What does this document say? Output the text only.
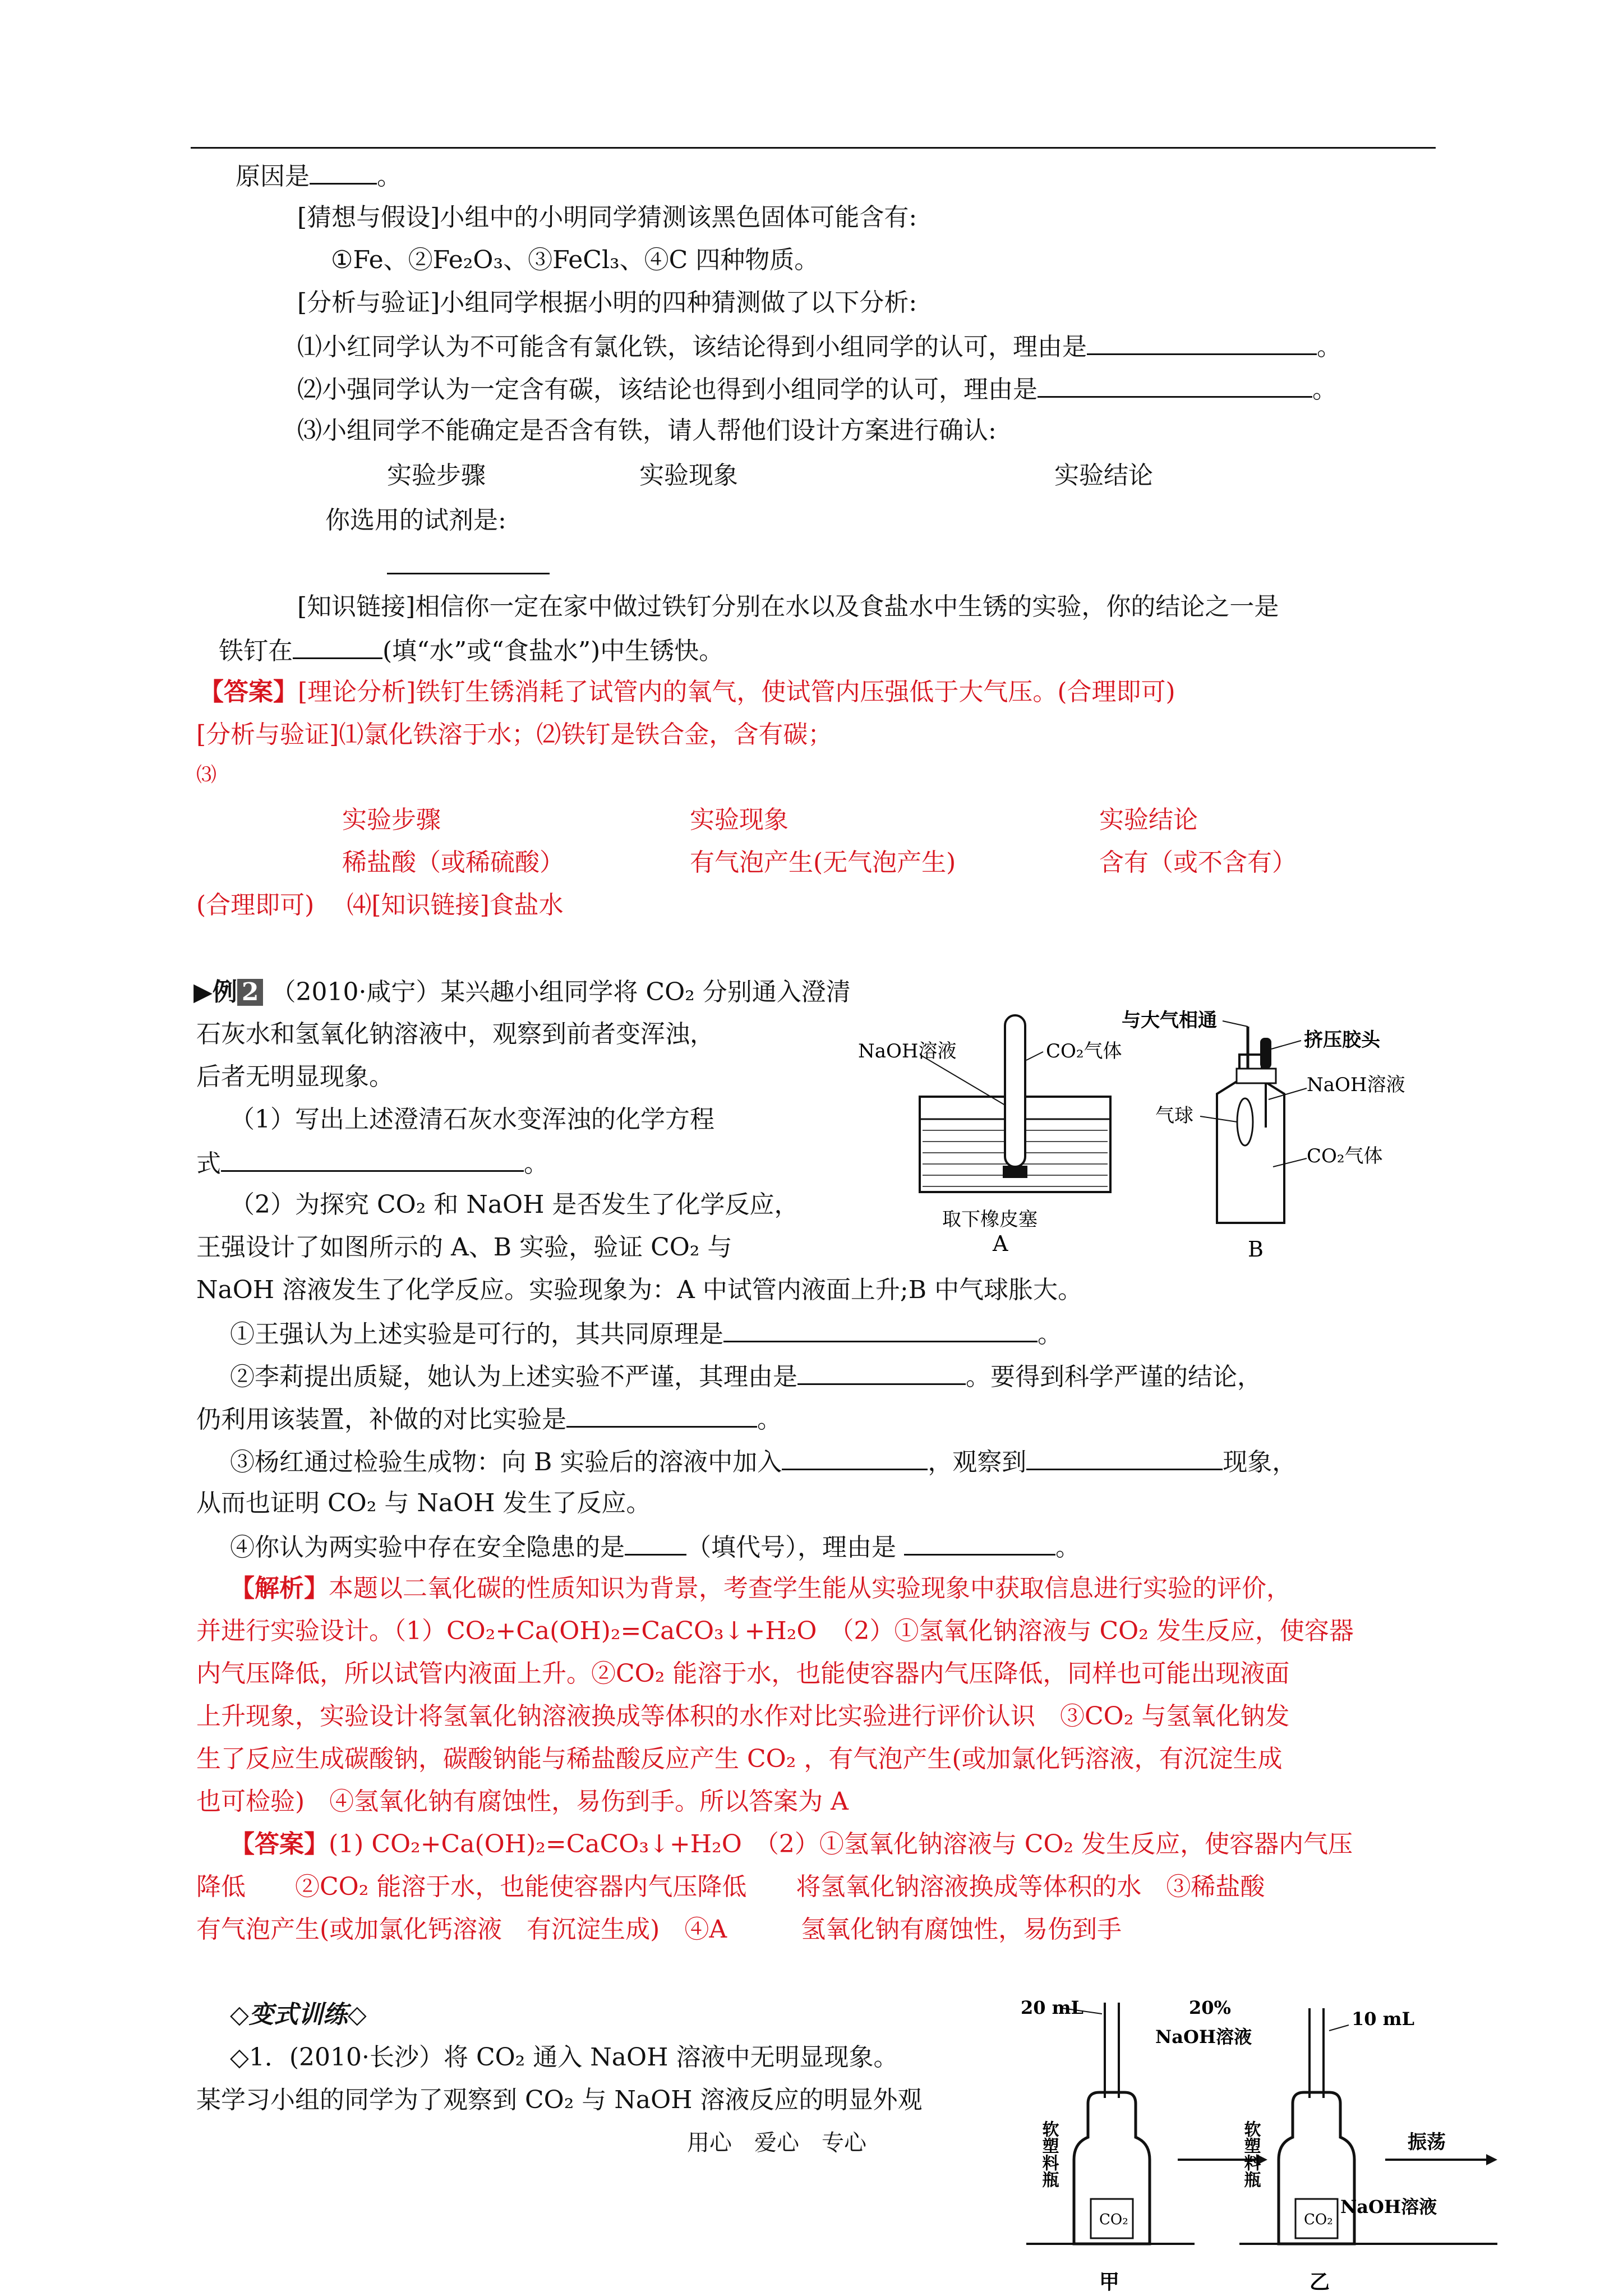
原因是	。
[猜想与假设]小组中的小明同学猜测该黑色固体可能含有:
①Fe、②Fe₂O₃、③FeCl₃、④C 四种物质。
[分析与验证]小组同学根据小明的四种猜测做了以下分析:
⑴小红同学认为不可能含有氯化铁，该结论得到小组同学的认可，理由是	。
⑵小强同学认为一定含有碳，该结论也得到小组同学的认可，理由是	。
⑶小组同学不能确定是否含有铁，请人帮他们设计方案进行确认:
实验步骤	实验现象	实验结论
你选用的试剂是:
[知识链接]相信你一定在家中做过铁钉分别在水以及食盐水中生锈的实验，你的结论之一是
铁钉在	(填“水”或“食盐水”)中生锈快。
【答案】[理论分析]铁钉生锈消耗了试管内的氧气，使试管内压强低于大气压。(合理即可)
[分析与验证]⑴氯化铁溶于水；⑵铁钉是铁合金，含有碳；
⑶
实验步骤	实验现象	实验结论
稀盐酸（或稀硫酸）	有气泡产生(无气泡产生)	含有（或不含有）
(合理即可)　 ⑷[知识链接]食盐水
▶例 2 （2010·咸宁）某兴趣小组同学将 CO₂ 分别通入澄清
石灰水和氢氧化钠溶液中，观察到前者变浑浊，
后者无明显现象。
（1）写出上述澄清石灰水变浑浊的化学方程
式	。
（2）为探究 CO₂ 和 NaOH 是否发生了化学反应，
王强设计了如图所示的 A、B 实验，验证 CO₂ 与
NaOH 溶液发生了化学反应。实验现象为：A 中试管内液面上升;B 中气球胀大。
①王强认为上述实验是可行的，其共同原理是	。
②李莉提出质疑，她认为上述实验不严谨，其理由是	。要得到科学严谨的结论，
仍利用该装置，补做的对比实验是	。
③杨红通过检验生成物：向 B 实验后的溶液中加入	，观察到	现象，
从而也证明 CO₂ 与 NaOH 发生了反应。
④你认为两实验中存在安全隐患的是	（填代号），理由是	。
NaOH溶液	CO₂气体
取下橡皮塞
A
与大气相通
挤压胶头
NaOH溶液
气球
CO₂气体
B
【解析】本题以二氧化碳的性质知识为背景，考查学生能从实验现象中获取信息进行实验的评价，
并进行实验设计。（1）CO₂+Ca(OH)₂=CaCO₃↓+H₂O　（2）①氢氧化钠溶液与 CO₂ 发生反应，使容器
内气压降低，所以试管内液面上升。②CO₂ 能溶于水，也能使容器内气压降低，同样也可能出现液面
上升现象，实验设计将氢氧化钠溶液换成等体积的水作对比实验进行评价认识　③CO₂ 与氢氧化钠发
生了反应生成碳酸钠，碳酸钠能与稀盐酸反应产生 CO₂ ，有气泡产生(或加氯化钙溶液，有沉淀生成
也可检验)　④氢氧化钠有腐蚀性，易伤到手。所以答案为 A
【答案】(1) CO₂+Ca(OH)₂=CaCO₃↓+H₂O　（2）①氢氧化钠溶液与 CO₂ 发生反应，使容器内气压
降低　　②CO₂ 能溶于水，也能使容器内气压降低　　将氢氧化钠溶液换成等体积的水　③稀盐酸
有气泡产生(或加氯化钙溶液　有沉淀生成)　④A　　　氢氧化钠有腐蚀性，易伤到手
◇变式训练◇
◇1．(2010·长沙）将 CO₂ 通入 NaOH 溶液中无明显现象。
某学习小组的同学为了观察到 CO₂ 与 NaOH 溶液反应的明显外观
20 mL	20%
NaOH溶液
10 mL
软塑料瓶	软塑料瓶
CO₂	CO₂
振荡
NaOH溶液
甲	乙
用心　爱心　专心
